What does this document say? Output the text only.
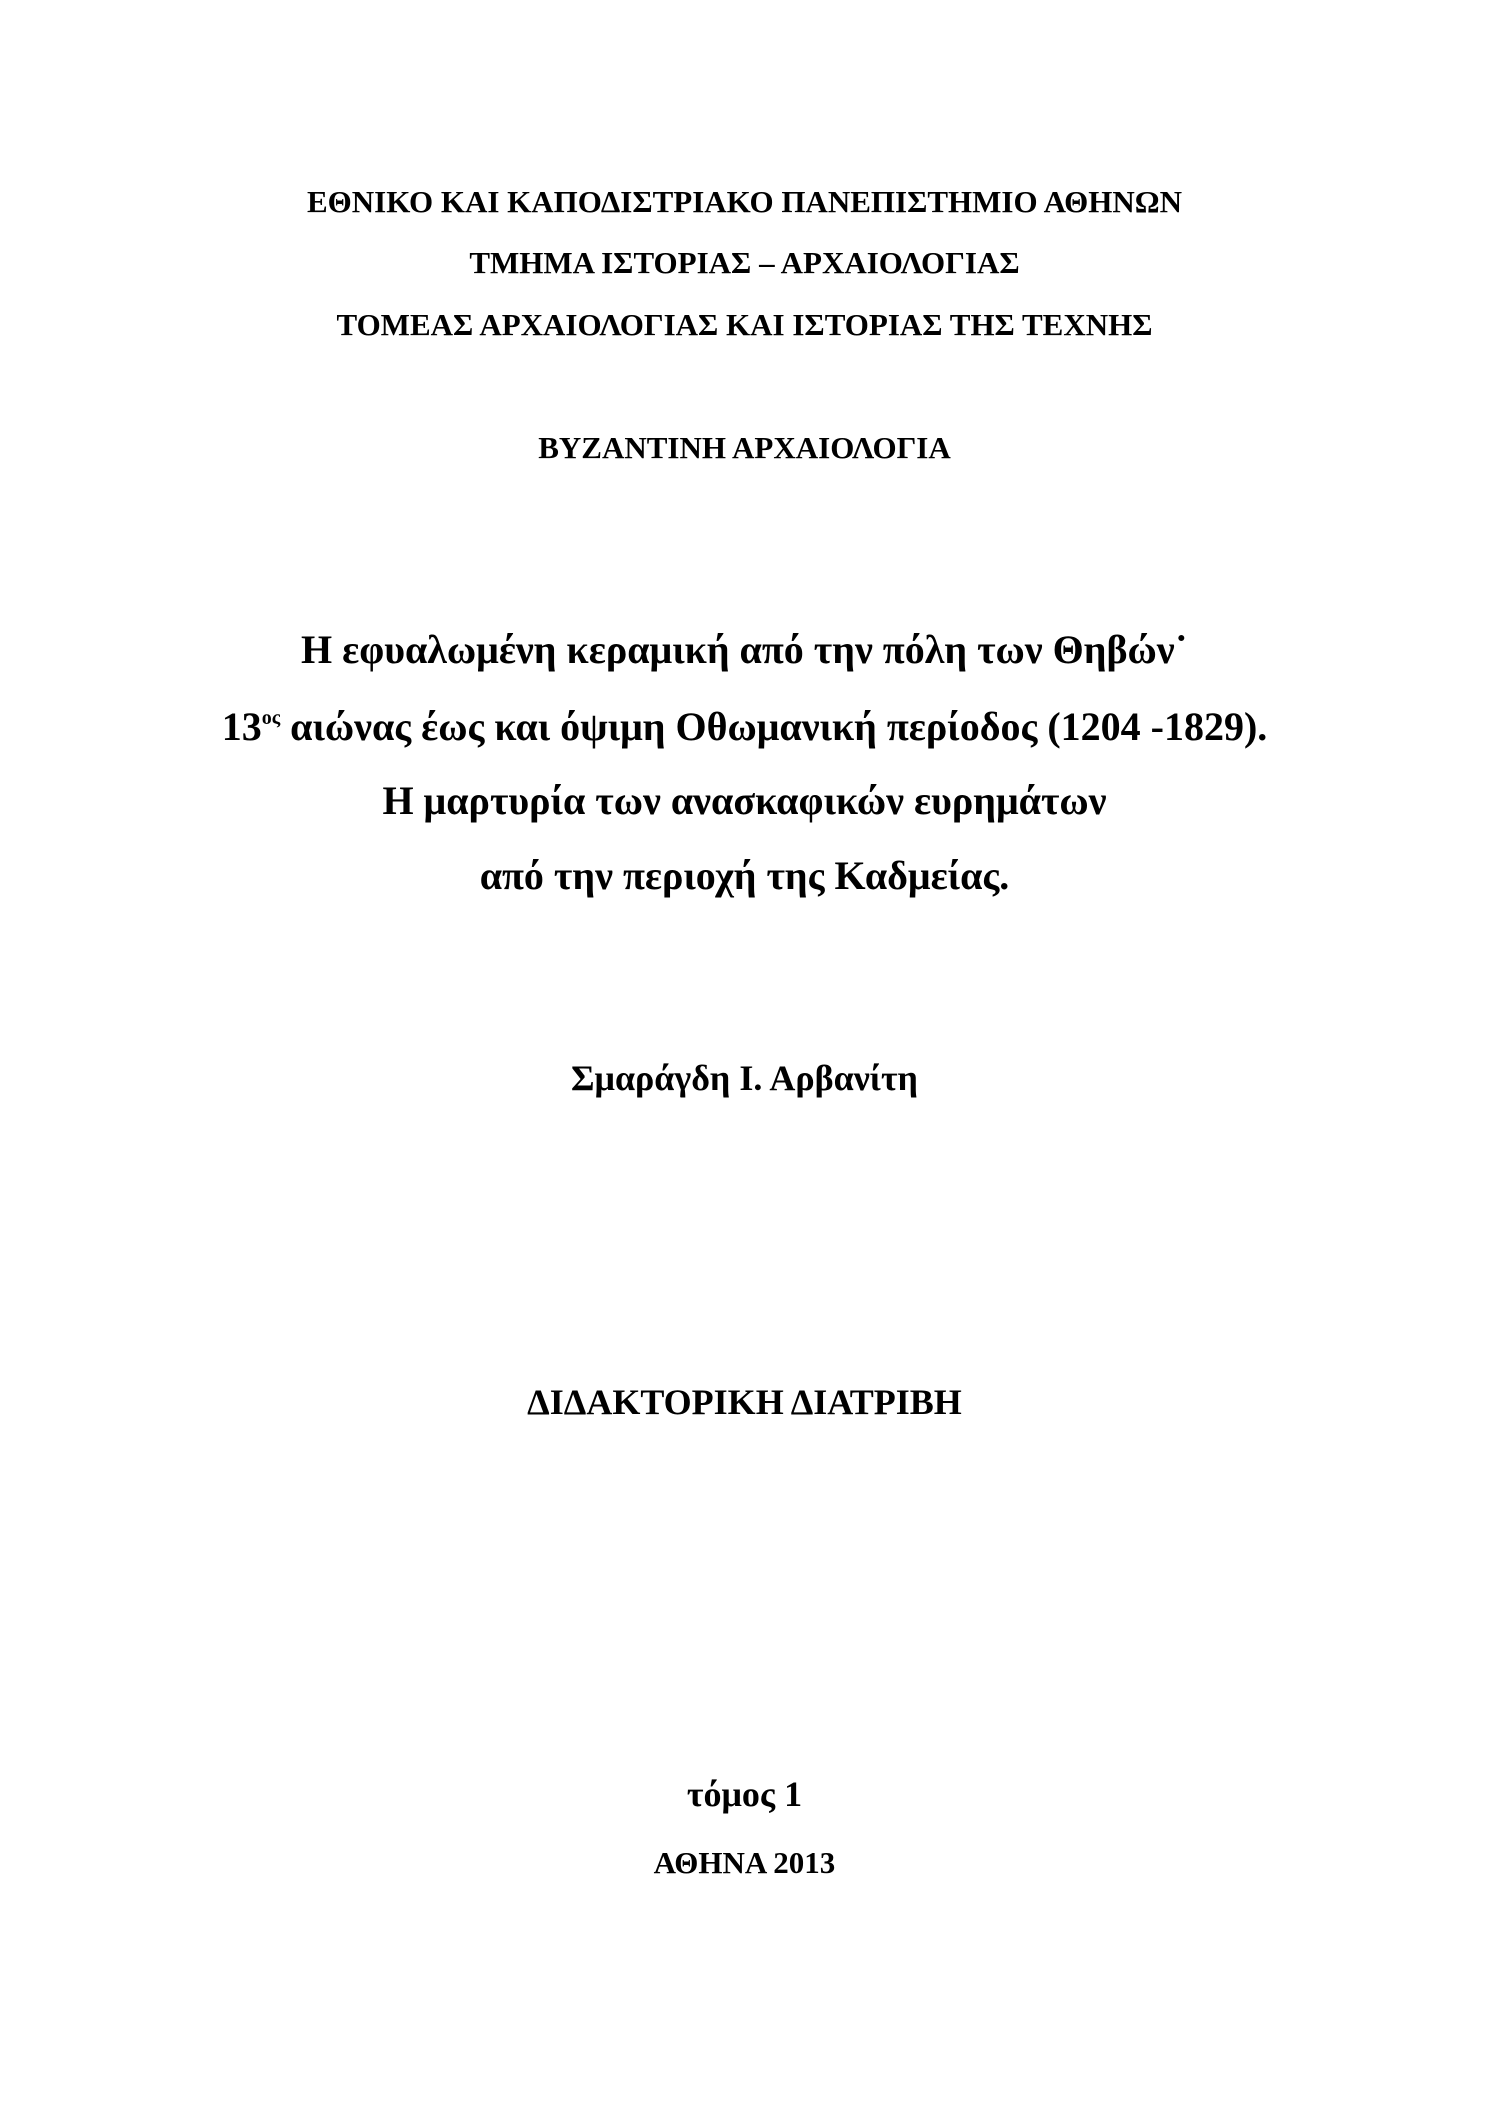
ΕΘΝΙΚΟ ΚΑΙ ΚΑΠΟΔΙΣΤΡΙΑΚΟ ΠΑΝΕΠΙΣΤΗΜΙΟ ΑΘΗΝΩΝ
ΤΜΗΜΑ ΙΣΤΟΡΙΑΣ – ΑΡΧΑΙΟΛΟΓΙΑΣ
ΤΟΜΕΑΣ ΑΡΧΑΙΟΛΟΓΙΑΣ ΚΑΙ ΙΣΤΟΡΙΑΣ ΤΗΣ ΤΕΧΝΗΣ
ΒΥΖΑΝΤΙΝΗ ΑΡΧΑΙΟΛΟΓΙΑ
Η εφυαλωμένη κεραμική από την πόλη των Θηβών˙
$13^{o\varsigma}$ αιώνας έως και όψιμη Οθωμανική περίοδος (1204 -1829).
Η μαρτυρία των ανασκαφικών ευρημάτων
από την περιοχή της Καδμείας.
Σμαράγδη Ι. Αρβανίτη
ΔΙΔΑΚΤΟΡΙΚΗ ΔΙΑΤΡΙΒΗ
τόμος 1
ΑΘΗΝΑ 2013
